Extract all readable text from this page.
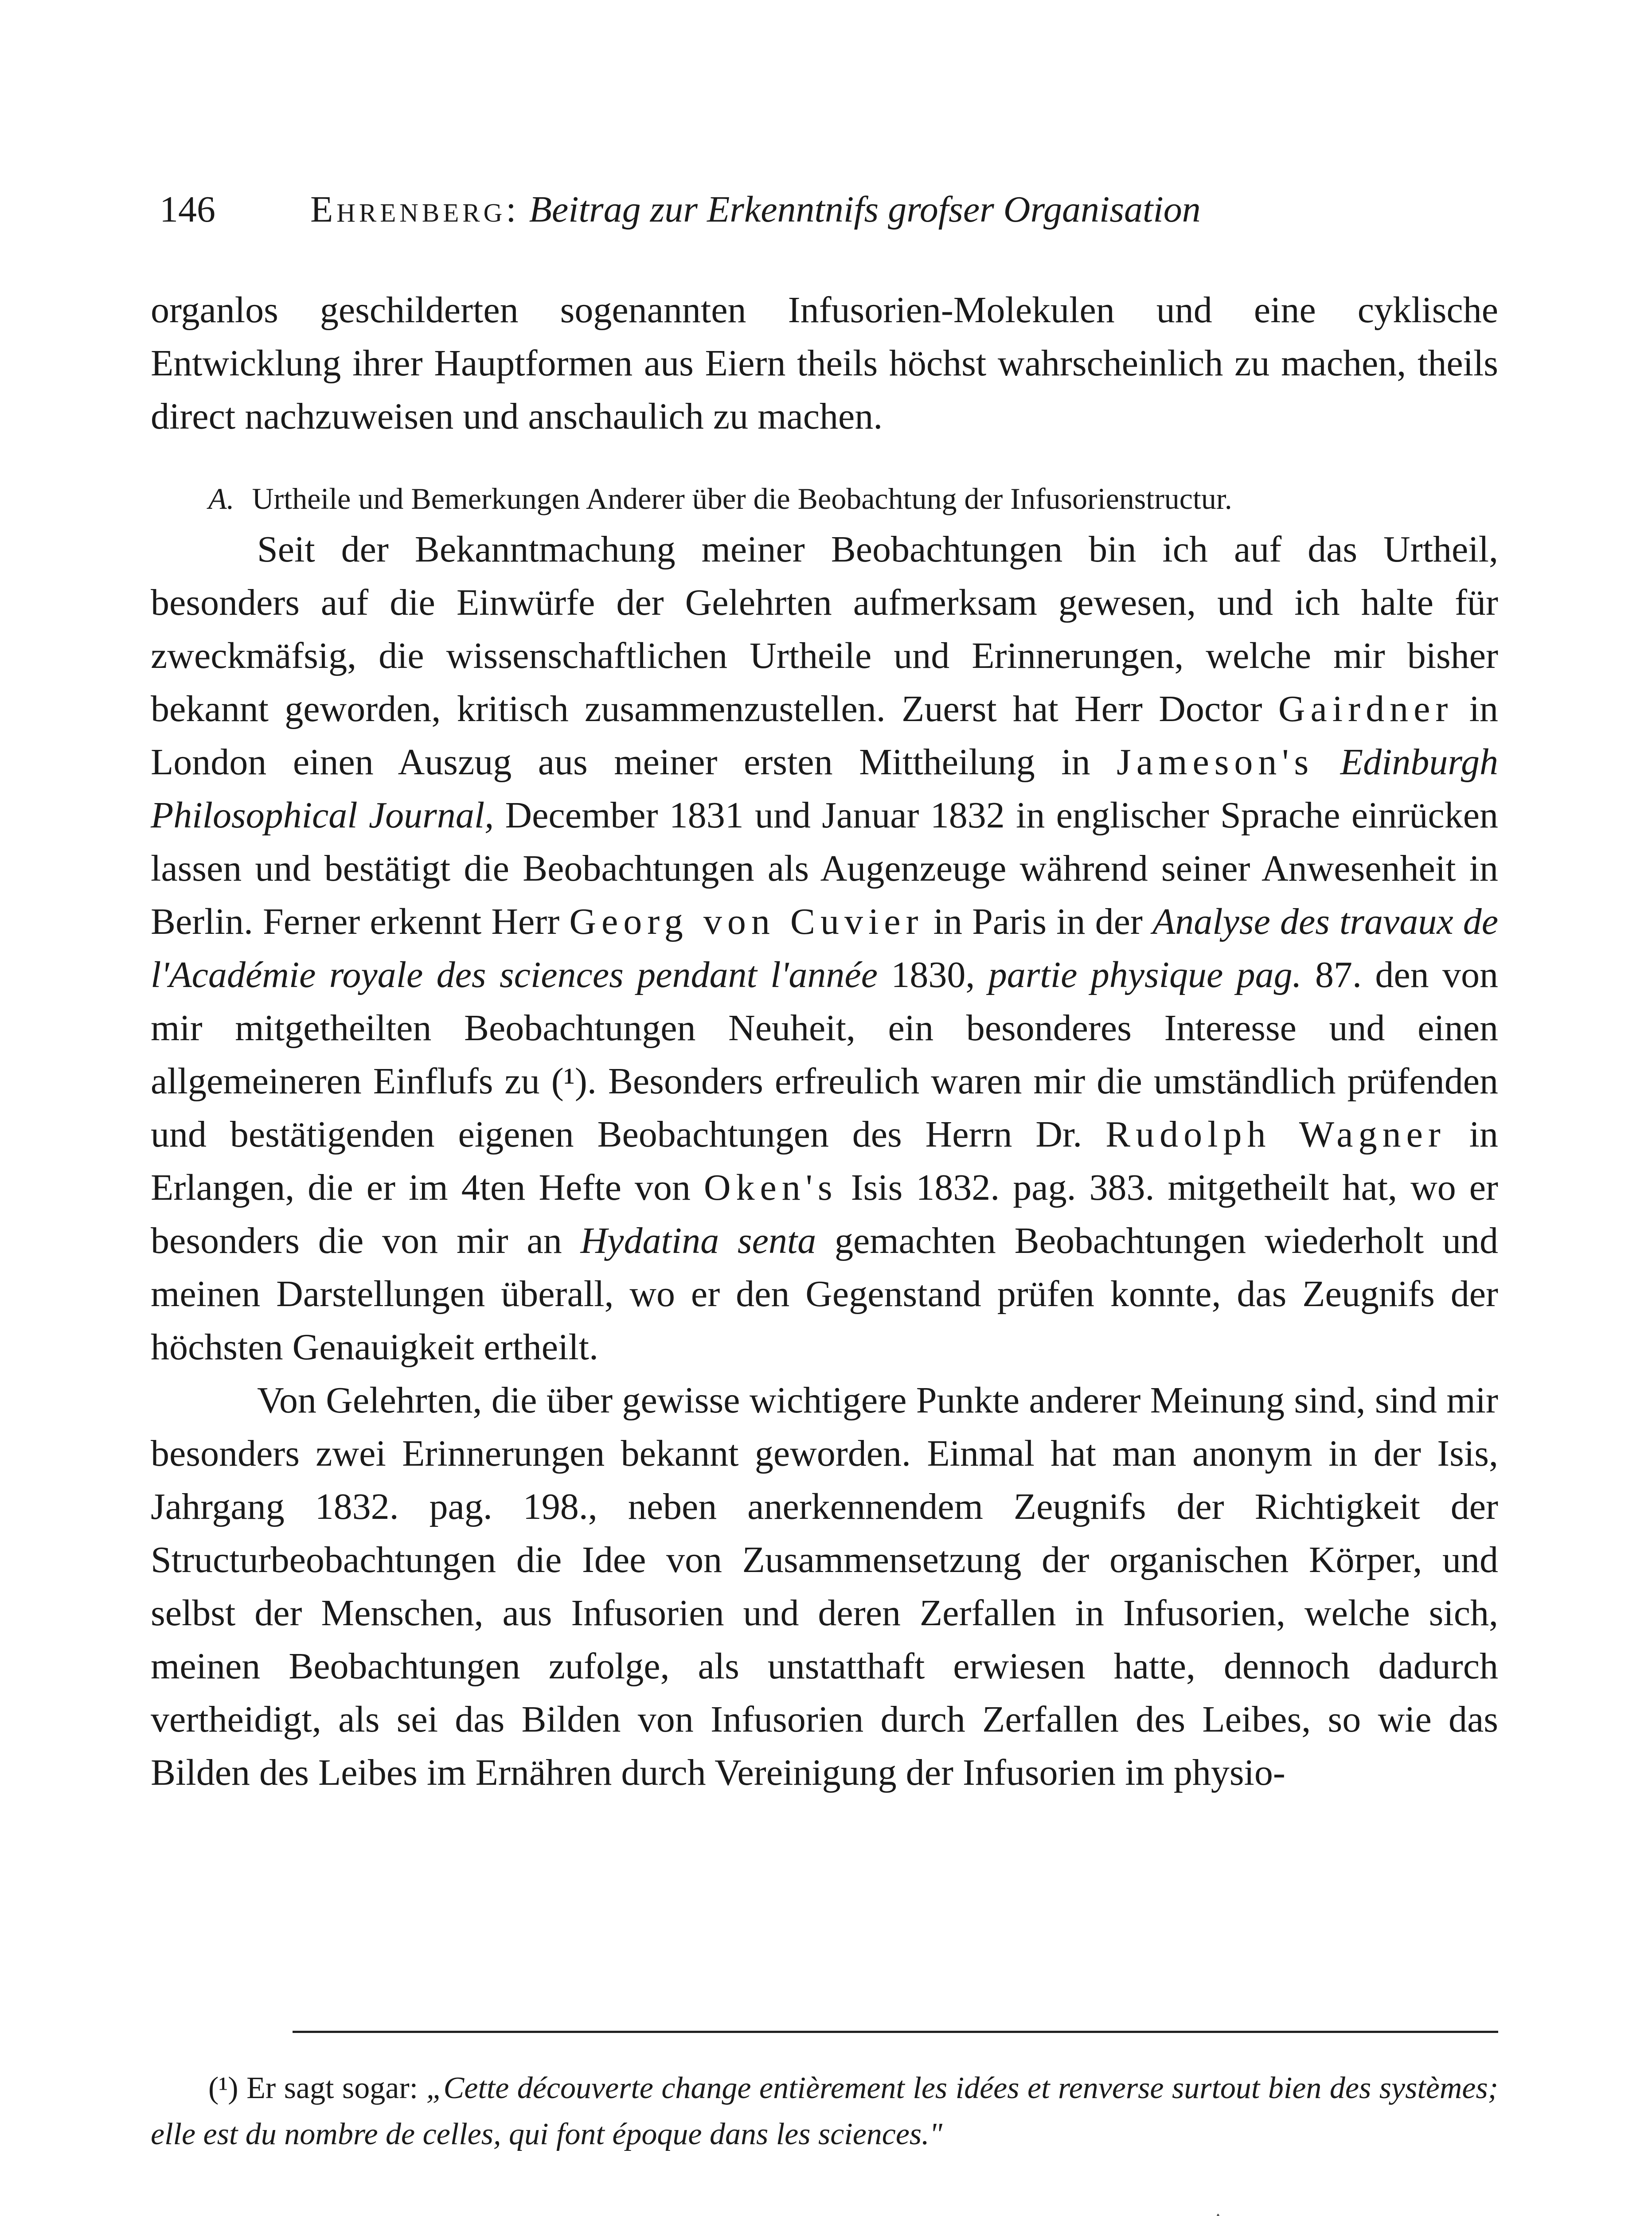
146	Ehrenberg: Beitrag zur Erkenntnifs grofser Organisation

organlos geschilderten sogenannten Infusorien-Molekulen und eine cyklische Entwicklung ihrer Hauptformen aus Eiern theils höchst wahrscheinlich zu machen, theils direct nachzuweisen und anschaulich zu machen.

A. Urtheile und Bemerkungen Anderer über die Beobachtung der Infusorienstructur.

Seit der Bekanntmachung meiner Beobachtungen bin ich auf das Urtheil, besonders auf die Einwürfe der Gelehrten aufmerksam gewesen, und ich halte für zweckmäfsig, die wissenschaftlichen Urtheile und Erinnerungen, welche mir bisher bekannt geworden, kritisch zusammenzustellen. Zuerst hat Herr Doctor Gairdner in London einen Auszug aus meiner ersten Mittheilung in Jameson's Edinburgh Philosophical Journal, December 1831 und Januar 1832 in englischer Sprache einrücken lassen und bestätigt die Beobachtungen als Augenzeuge während seiner Anwesenheit in Berlin. Ferner erkennt Herr Georg von Cuvier in Paris in der Analyse des travaux de l'Académie royale des sciences pendant l'année 1830, partie physique pag. 87. den von mir mitgetheilten Beobachtungen Neuheit, ein besonderes Interesse und einen allgemeineren Einflufs zu (¹). Besonders erfreulich waren mir die umständlich prüfenden und bestätigenden eigenen Beobachtungen des Herrn Dr. Rudolph Wagner in Erlangen, die er im 4ten Hefte von Oken's Isis 1832. pag. 383. mitgetheilt hat, wo er besonders die von mir an Hydatina senta gemachten Beobachtungen wiederholt und meinen Darstellungen überall, wo er den Gegenstand prüfen konnte, das Zeugnifs der höchsten Genauigkeit ertheilt.

Von Gelehrten, die über gewisse wichtigere Punkte anderer Meinung sind, sind mir besonders zwei Erinnerungen bekannt geworden. Einmal hat man anonym in der Isis, Jahrgang 1832. pag. 198., neben anerkennendem Zeugnifs der Richtigkeit der Structurbeobachtungen die Idee von Zusammensetzung der organischen Körper, und selbst der Menschen, aus Infusorien und deren Zerfallen in Infusorien, welche sich, meinen Beobachtungen zufolge, als unstatthaft erwiesen hatte, dennoch dadurch vertheidigt, als sei das Bilden von Infusorien durch Zerfallen des Leibes, so wie das Bilden des Leibes im Ernähren durch Vereinigung der Infusorien im physio-

(¹) Er sagt sogar: „Cette découverte change entièrement les idées et renverse surtout bien des systèmes; elle est du nombre de celles, qui font époque dans les sciences."
